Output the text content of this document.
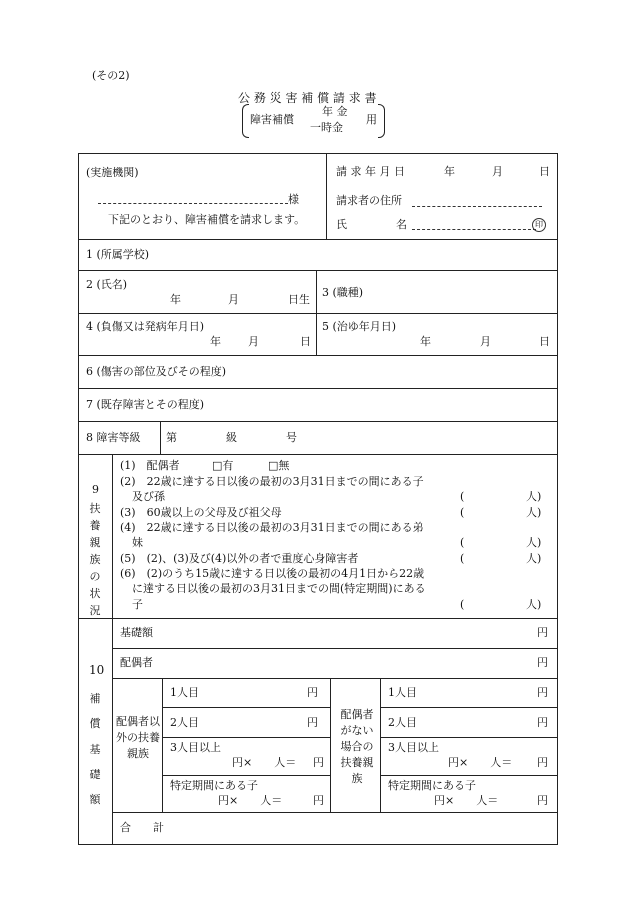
(その2)
公 務 災 害 補 償 請 求 書
障害補償
年 金
一時金
用
(実施機関)
様
下記のとおり、障害補償を請求します。
請 求 年 月 日	年	月	日
請求者の住所
氏	名	印
1 (所属学校)
2 (氏名)
年	月	日生
3 (職種)
4 (負傷又は発病年月日)
年 月	日
5 (治ゆ年月日)
年	月	日
6 (傷害の部位及びその程度)
7 (既存障害とその程度)
8 障害等級 第	級	号
9
扶養親族の状況
(1)　配偶者	□有	□無
(2)　22歳に達する日以後の最初の3月31日までの間にある子
及び孫	(	人)
(3)　60歳以上の父母及び祖父母	(	人)
(4)　22歳に達する日以後の最初の3月31日までの間にある弟
妹	(	人)
(5)　(2)、(3)及び(4)以外の者で重度心身障害者	(	人)
(6)　(2)のうち15歳に達する日以後の最初の4月1日から22歳
に達する日以後の最初の3月31日までの間(特定期間)にある
子	(	人)
10
補償基礎額
基礎額	円
配偶者	円
配偶者以外の扶養親族
1人目	円
2人目	円
3人目以上
円×　　人＝ 円
特定期間にある子
円×　　人＝	円
配偶者がない場合の扶養親族
1人目	円
2人目	円
3人目以上
円×　　人＝ 円
特定期間にある子
円×　　人＝	円
合　　計
